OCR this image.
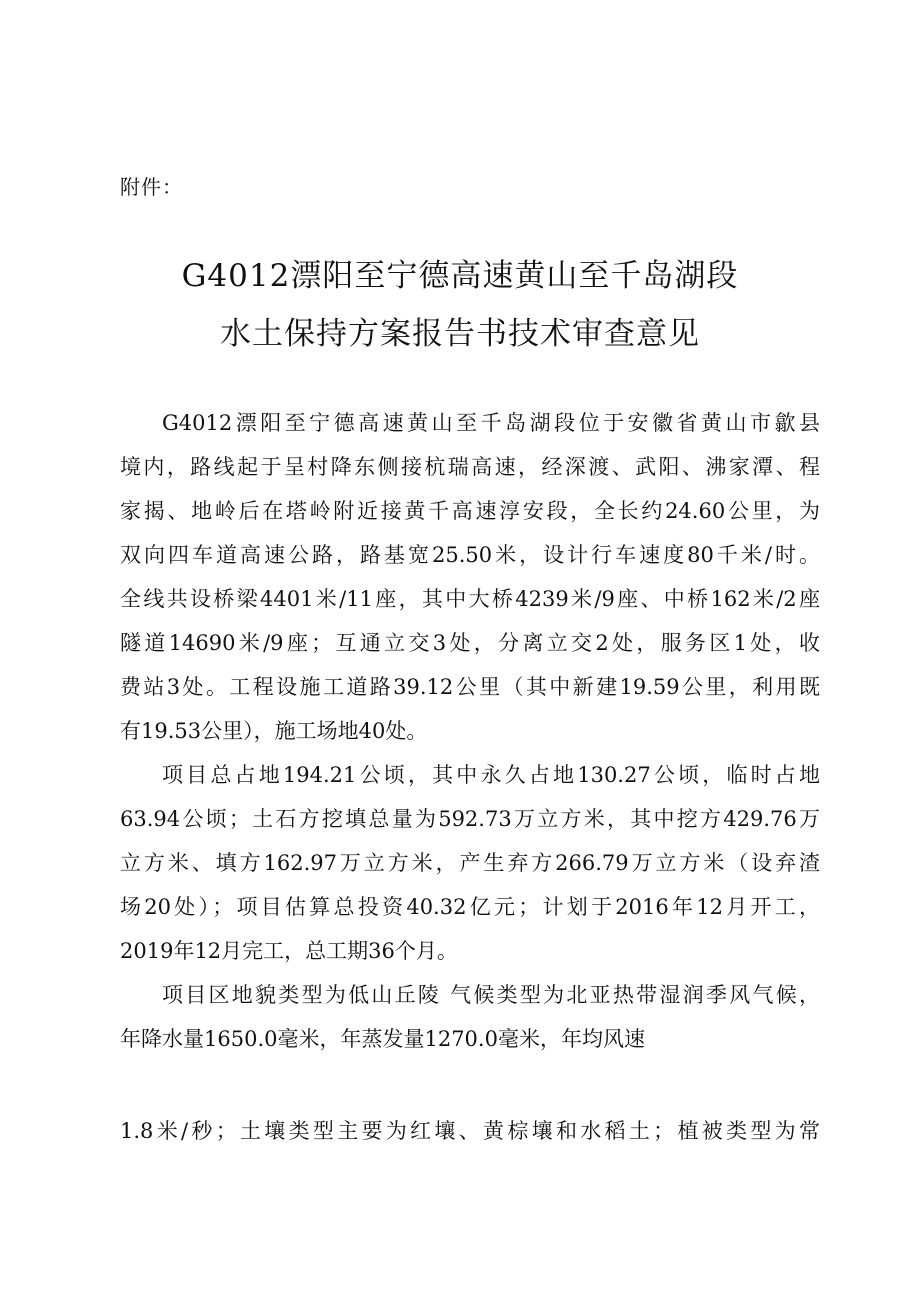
附件：
G4012漂阳至宁德高速黄山至千岛湖段
水土保持方案报告书技术审查意见
G4012漂阳至宁德高速黄山至千岛湖段位于安徽省黄山市歙县
境内，路线起于呈村降东侧接杭瑞高速，经深渡、武阳、沸家潭、程
家揭、地岭后在塔岭附近接黄千高速淳安段，全长约24.60公里，为
双向四车道高速公路，路基宽25.50米，设计行车速度80千米/时。
全线共设桥梁4401米/11座，其中大桥4239米/9座、中桥162米/2座
隧道14690米/9座；互通立交3处，分离立交2处，服务区1处，收
费站3处。工程设施工道路39.12公里（其中新建19.59公里，利用既
有19.53公里），施工场地40处。
项目总占地194.21公顷，其中永久占地130.27公顷，临时占地
63.94公顷；土石方挖填总量为592.73万立方米，其中挖方429.76万
立方米、填方162.97万立方米，产生弃方266.79万立方米（设弃渣
场20处）；项目估算总投资40.32亿元；计划于2016年12月开工，
2019年12月完工，总工期36个月。
项目区地貌类型为低山丘陵 气候类型为北亚热带湿润季风气候，
年降水量1650.0毫米，年蒸发量1270.0毫米，年均风速
1.8米/秒；土壤类型主要为红壤、黄棕壤和水稻土；植被类型为常
